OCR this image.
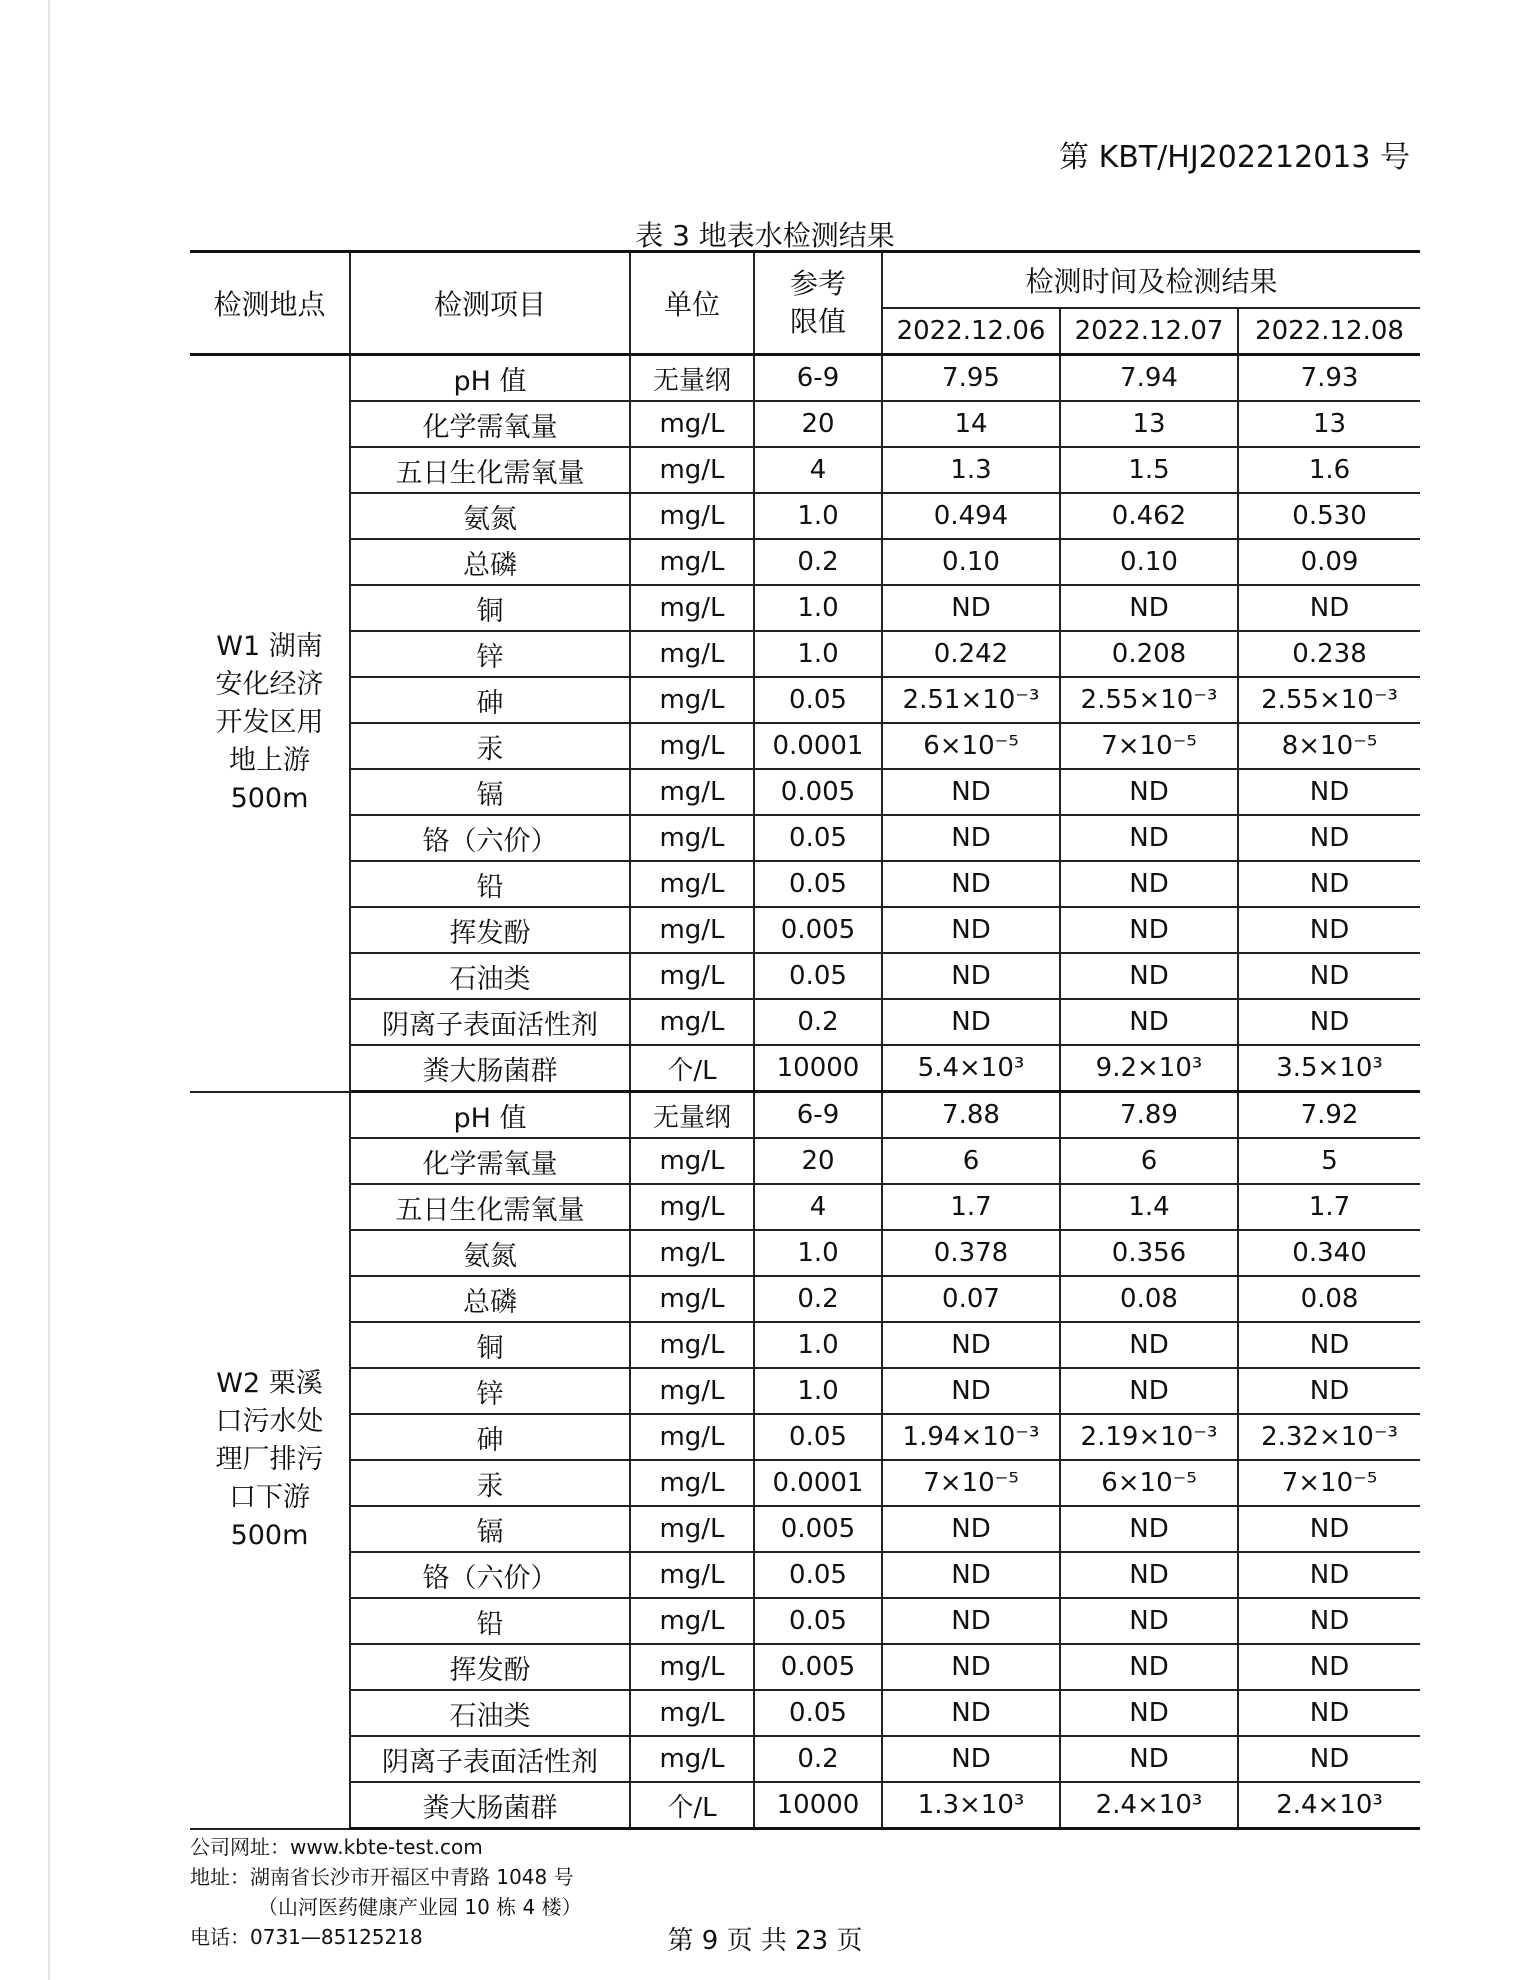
第 KBT/HJ202212013 号
表 3 地表水检测结果
检测地点	检测项目	单位	参考限值	检测时间及检测结果		
				2022.12.06	2022.12.07	2022.12.08
W1 湖南安化经济开发区用地上游 500m	pH 值	无量纲	6-9	7.95	7.94	7.93
	化学需氧量	mg/L	20	14	13	13
	五日生化需氧量	mg/L	4	1.3	1.5	1.6
	氨氮	mg/L	1.0	0.494	0.462	0.530
	总磷	mg/L	0.2	0.10	0.10	0.09
	铜	mg/L	1.0	ND	ND	ND
	锌	mg/L	1.0	0.242	0.208	0.238
	砷	mg/L	0.05	2.51×10⁻³	2.55×10⁻³	2.55×10⁻³
	汞	mg/L	0.0001	6×10⁻⁵	7×10⁻⁵	8×10⁻⁵
	镉	mg/L	0.005	ND	ND	ND
	铬（六价）	mg/L	0.05	ND	ND	ND
	铅	mg/L	0.05	ND	ND	ND
	挥发酚	mg/L	0.005	ND	ND	ND
	石油类	mg/L	0.05	ND	ND	ND
	阴离子表面活性剂	mg/L	0.2	ND	ND	ND
	粪大肠菌群	个/L	10000	5.4×10³	9.2×10³	3.5×10³
W2 栗溪口污水处理厂排污口下游 500m	pH 值	无量纲	6-9	7.88	7.89	7.92
	化学需氧量	mg/L	20	6	6	5
	五日生化需氧量	mg/L	4	1.7	1.4	1.7
	氨氮	mg/L	1.0	0.378	0.356	0.340
	总磷	mg/L	0.2	0.07	0.08	0.08
	铜	mg/L	1.0	ND	ND	ND
	锌	mg/L	1.0	ND	ND	ND
	砷	mg/L	0.05	1.94×10⁻³	2.19×10⁻³	2.32×10⁻³
	汞	mg/L	0.0001	7×10⁻⁵	6×10⁻⁵	7×10⁻⁵
	镉	mg/L	0.005	ND	ND	ND
	铬（六价）	mg/L	0.05	ND	ND	ND
	铅	mg/L	0.05	ND	ND	ND
	挥发酚	mg/L	0.005	ND	ND	ND
	石油类	mg/L	0.05	ND	ND	ND
	阴离子表面活性剂	mg/L	0.2	ND	ND	ND
	粪大肠菌群	个/L	10000	1.3×10³	2.4×10³	2.4×10³
公司网址：www.kbte-test.com
地址：湖南省长沙市开福区中青路 1048 号
（山河医药健康产业园 10 栋 4 楼）
电话：0731—85125218	第 9 页 共 23 页
